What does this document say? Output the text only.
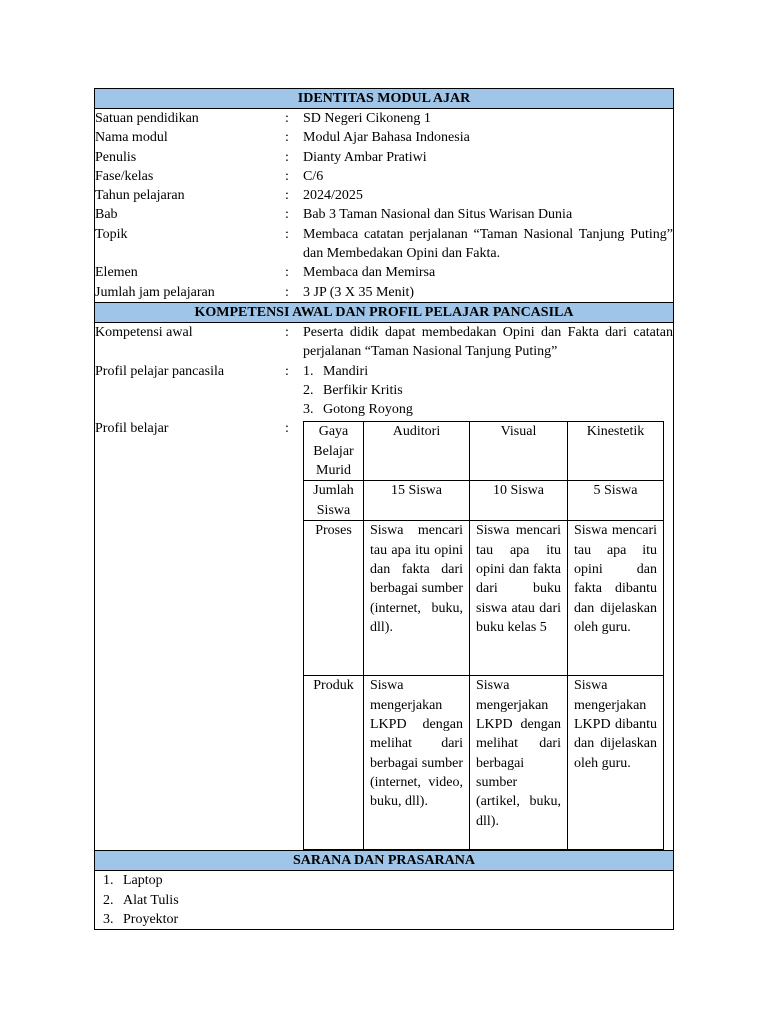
IDENTITAS MODUL AJAR

Satuan pendidikan	:	SD Negeri Cikoneng 1
Nama modul	:	Modul Ajar Bahasa Indonesia
Penulis	:	Dianty Ambar Pratiwi
Fase/kelas	:	C/6
Tahun pelajaran	:	2024/2025
Bab	:	Bab 3 Taman Nasional dan Situs Warisan Dunia
Topik	:	Membaca catatan perjalanan “Taman Nasional Tanjung Puting” dan Membedakan Opini dan Fakta.
Elemen	:	Membaca dan Memirsa
Jumlah jam pelajaran	:	3 JP (3 X 35 Menit)

KOMPETENSI AWAL DAN PROFIL PELAJAR PANCASILA

Kompetensi awal	:	Peserta didik dapat membedakan Opini dan Fakta dari catatan perjalanan “Taman Nasional Tanjung Puting”
Profil pelajar pancasila	:	1. Mandiri
2. Berfikir Kritis
3. Gotong Royong
Profil belajar	:	Gaya Belajar Murid	Auditori	Visual	Kinestetik
Jumlah Siswa	15 Siswa	10 Siswa	5 Siswa
Proses	Siswa mencari tau apa itu opini dan fakta dari berbagai sumber (internet, buku, dll).	Siswa mencari tau apa itu opini dan fakta dari buku siswa atau dari buku kelas 5	Siswa mencari tau apa itu opini dan fakta dibantu dan dijelaskan oleh guru.
Produk	Siswa mengerjakan LKPD dengan melihat dari berbagai sumber (internet, video, buku, dll).	Siswa mengerjakan LKPD dengan melihat dari berbagai sumber (artikel, buku, dll).	Siswa mengerjakan LKPD dibantu dan dijelaskan oleh guru.

SARANA DAN PRASARANA

1. Laptop
2. Alat Tulis
3. Proyektor
